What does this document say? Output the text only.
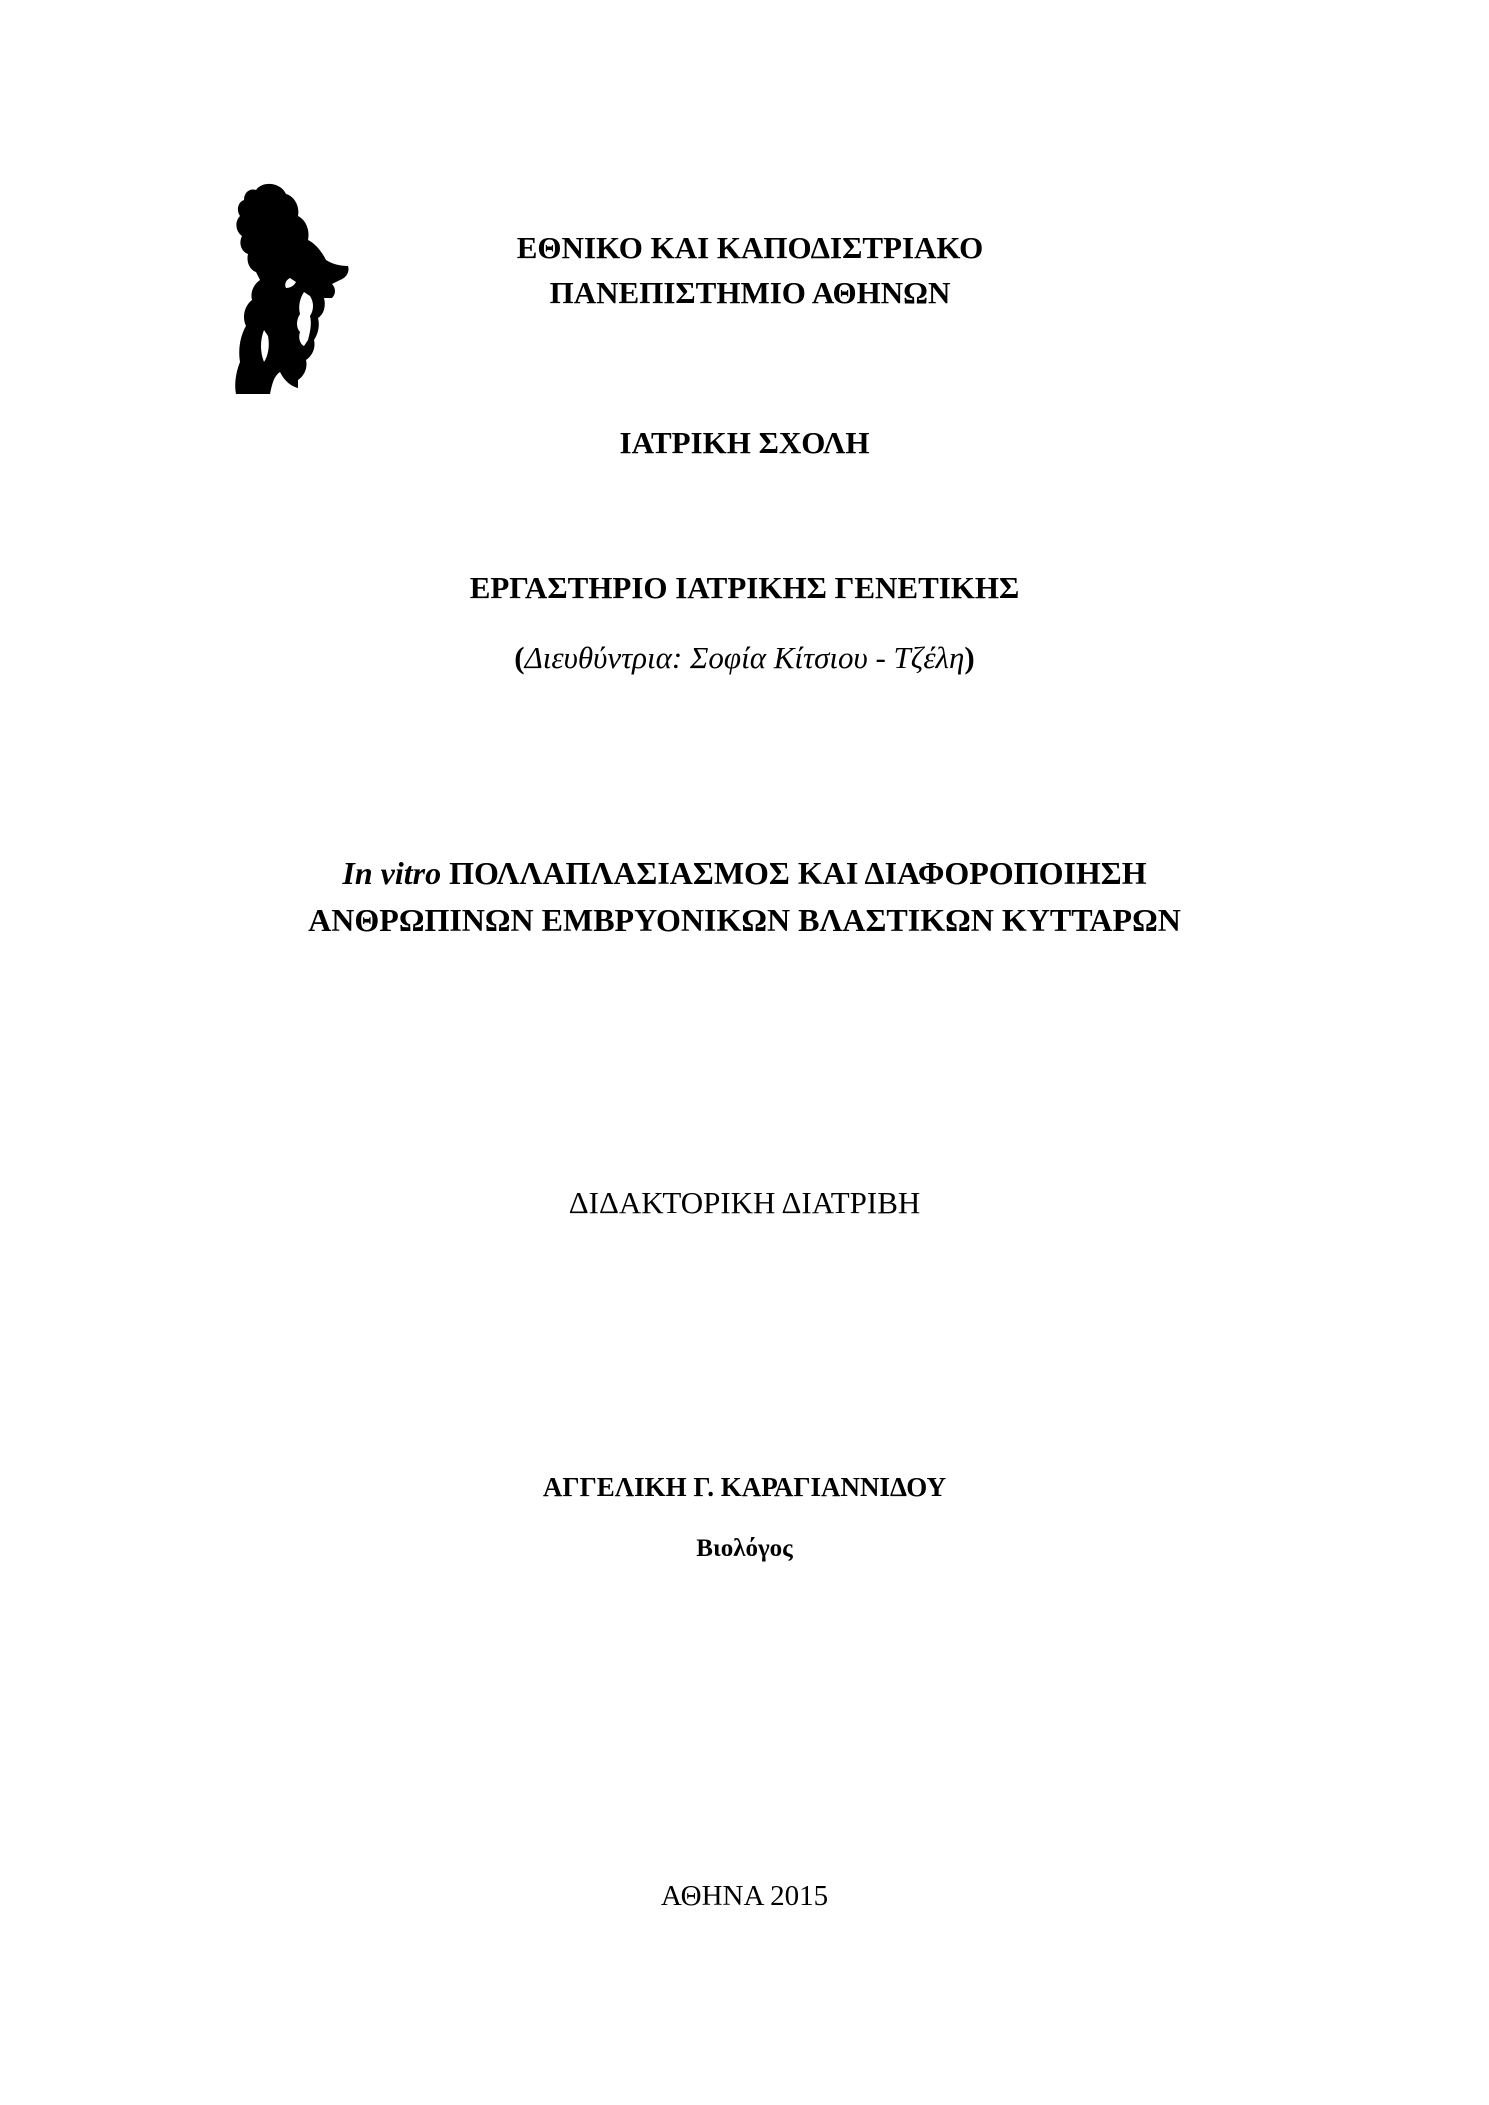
ΕΘΝΙΚΟ ΚΑΙ ΚΑΠΟΔΙΣΤΡΙΑΚΟ
ΠΑΝΕΠΙΣΤΗΜΙΟ ΑΘΗΝΩΝ
ΙΑΤΡΙΚΗ ΣΧΟΛΗ
ΕΡΓΑΣΤΗΡΙΟ ΙΑΤΡΙΚΗΣ ΓΕΝΕΤΙΚΗΣ
(Διευθύντρια: Σοφία Κίτσιου - Τζέλη)
In vitro ΠΟΛΛΑΠΛΑΣΙΑΣΜΟΣ ΚΑΙ ΔΙΑΦΟΡΟΠΟΙΗΣΗ
ΑΝΘΡΩΠΙΝΩΝ ΕΜΒΡΥΟΝΙΚΩΝ ΒΛΑΣΤΙΚΩΝ ΚΥΤΤΑΡΩΝ
ΔΙΔΑΚΤΟΡΙΚΗ ΔΙΑΤΡΙΒΗ
ΑΓΓΕΛΙΚΗ Γ. ΚΑΡΑΓΙΑΝΝΙΔΟΥ
Βιολόγος
ΑΘΗΝΑ 2015
